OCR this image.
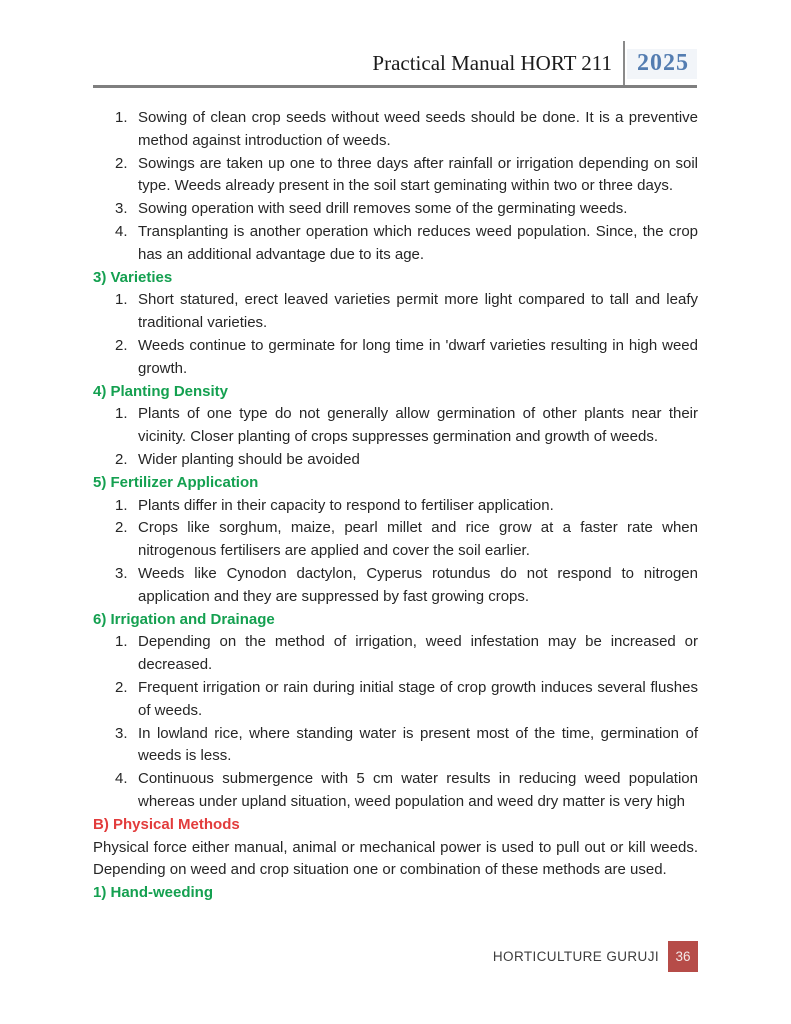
Practical Manual HORT 211	2025
1. Sowing of clean crop seeds without weed seeds should be done. It is a preventive method against introduction of weeds.
2. Sowings are taken up one to three days after rainfall or irrigation depending on soil type. Weeds already present in the soil start geminating within two or three days.
3. Sowing operation with seed drill removes some of the germinating weeds.
4. Transplanting is another operation which reduces weed population. Since, the crop has an additional advantage due to its age.
3) Varieties
1. Short statured, erect leaved varieties permit more light compared to tall and leafy traditional varieties.
2. Weeds continue to germinate for long time in 'dwarf varieties resulting in high weed growth.
4) Planting Density
1. Plants of one type do not generally allow germination of other plants near their vicinity. Closer planting of crops suppresses germination and growth of weeds.
2. Wider planting should be avoided
5) Fertilizer Application
1. Plants differ in their capacity to respond to fertiliser application.
2. Crops like sorghum, maize, pearl millet and rice grow at a faster rate when nitrogenous fertilisers are applied and cover the soil earlier.
3. Weeds like Cynodon dactylon, Cyperus rotundus do not respond to nitrogen application and they are suppressed by fast growing crops.
6) Irrigation and Drainage
1. Depending on the method of irrigation, weed infestation may be increased or decreased.
2. Frequent irrigation or rain during initial stage of crop growth induces several flushes of weeds.
3. In lowland rice, where standing water is present most of the time, germination of weeds is less.
4. Continuous submergence with 5 cm water results in reducing weed population whereas under upland situation, weed population and weed dry matter is very high
B) Physical Methods
Physical force either manual, animal or mechanical power is used to pull out or kill weeds. Depending on weed and crop situation one or combination of these methods are used.
1) Hand-weeding
HORTICULTURE GURUJI	36
